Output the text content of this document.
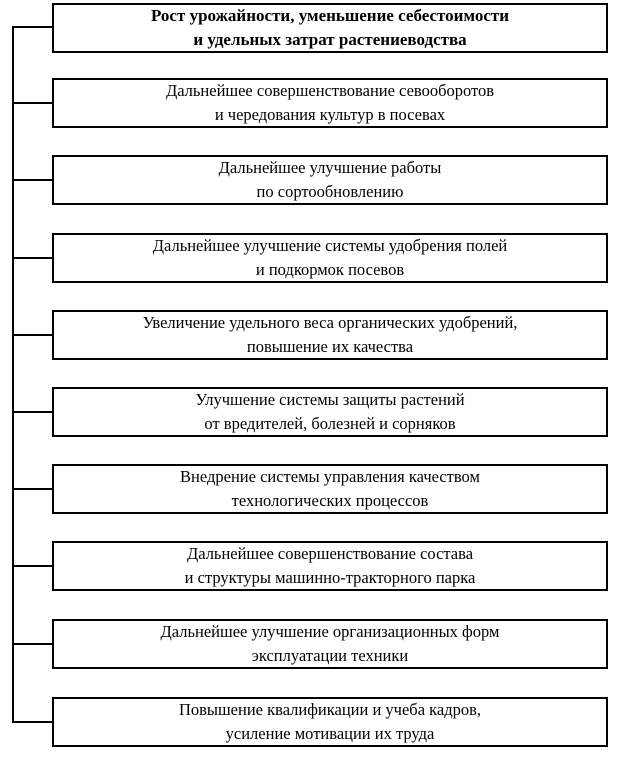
Рост урожайности, уменьшение себестоимости
и удельных затрат растениеводства
Дальнейшее совершенствование севооборотов
и чередования культур в посевах
Дальнейшее улучшение работы
по сортообновлению
Дальнейшее улучшение системы удобрения полей
и подкормок посевов
Увеличение удельного веса органических удобрений,
повышение их качества
Улучшение системы защиты растений
от вредителей, болезней и сорняков
Внедрение системы управления качеством
технологических процессов
Дальнейшее совершенствование состава
и структуры машинно-тракторного парка
Дальнейшее улучшение организационных форм
эксплуатации техники
Повышение квалификации и учеба кадров,
усиление мотивации их труда
